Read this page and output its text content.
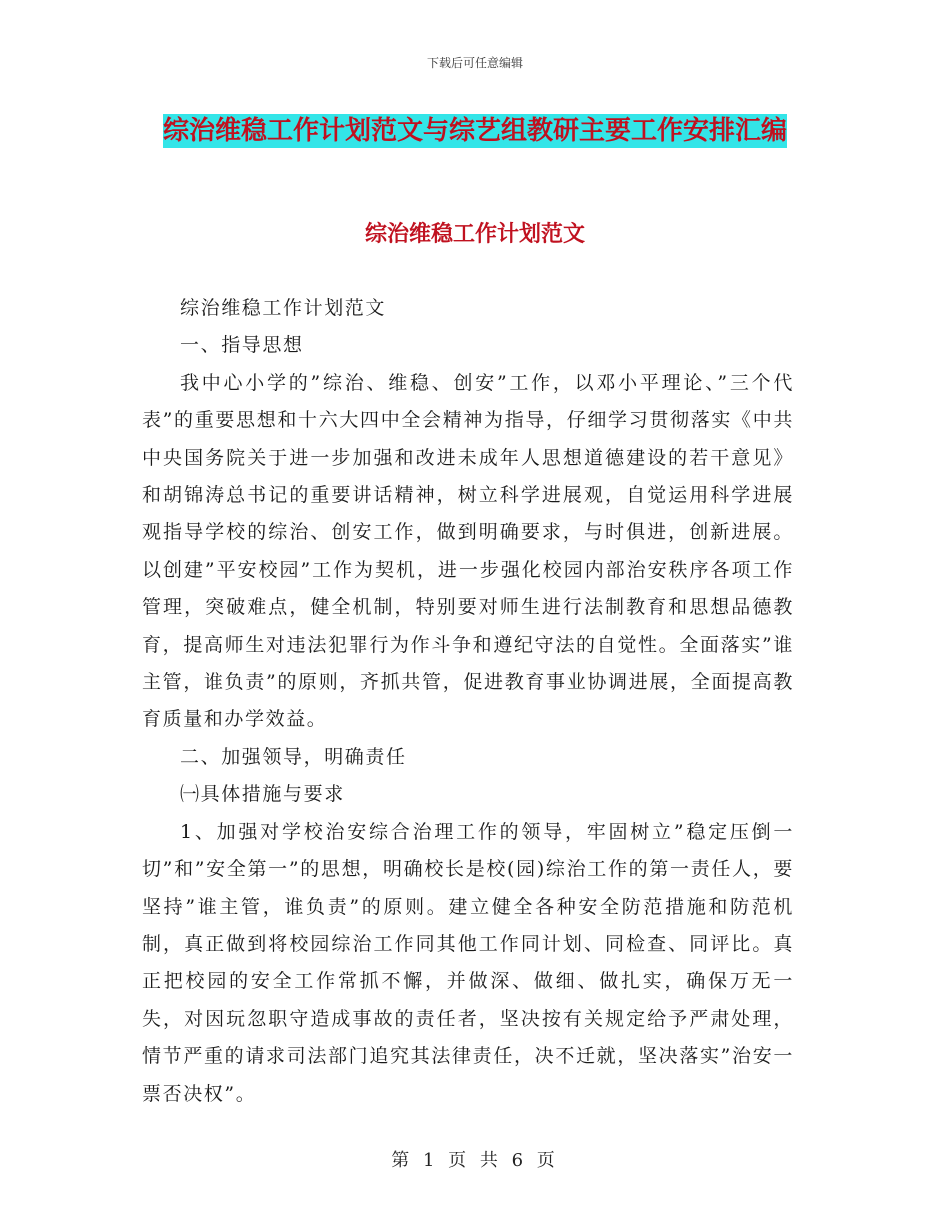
下载后可任意编辑
综治维稳工作计划范文与综艺组教研主要工作安排汇编
综治维稳工作计划范文

综治维稳工作计划范文

一、指导思想

我中心小学的”综治、维稳、创安”工作，以邓小平理论、”三个代表”的重要思想和十六大四中全会精神为指导，仔细学习贯彻落实《中共中央国务院关于进一步加强和改进未成年人思想道德建设的若干意见》和胡锦涛总书记的重要讲话精神，树立科学进展观，自觉运用科学进展观指导学校的综治、创安工作，做到明确要求，与时俱进，创新进展。以创建”平安校园”工作为契机，进一步强化校园内部治安秩序各项工作管理，突破难点，健全机制，特别要对师生进行法制教育和思想品德教育，提高师生对违法犯罪行为作斗争和遵纪守法的自觉性。全面落实”谁主管，谁负责”的原则，齐抓共管，促进教育事业协调进展，全面提高教育质量和办学效益。

二、加强领导，明确责任

㈠具体措施与要求

1、加强对学校治安综合治理工作的领导，牢固树立”稳定压倒一切”和”安全第一”的思想，明确校长是校(园)综治工作的第一责任人，要坚持”谁主管，谁负责”的原则。建立健全各种安全防范措施和防范机制，真正做到将校园综治工作同其他工作同计划、同检查、同评比。真正把校园的安全工作常抓不懈，并做深、做细、做扎实，确保万无一失，对因玩忽职守造成事故的责任者，坚决按有关规定给予严肃处理，情节严重的请求司法部门追究其法律责任，决不迁就，坚决落实”治安一票否决权”。

第 1 页 共 6 页
